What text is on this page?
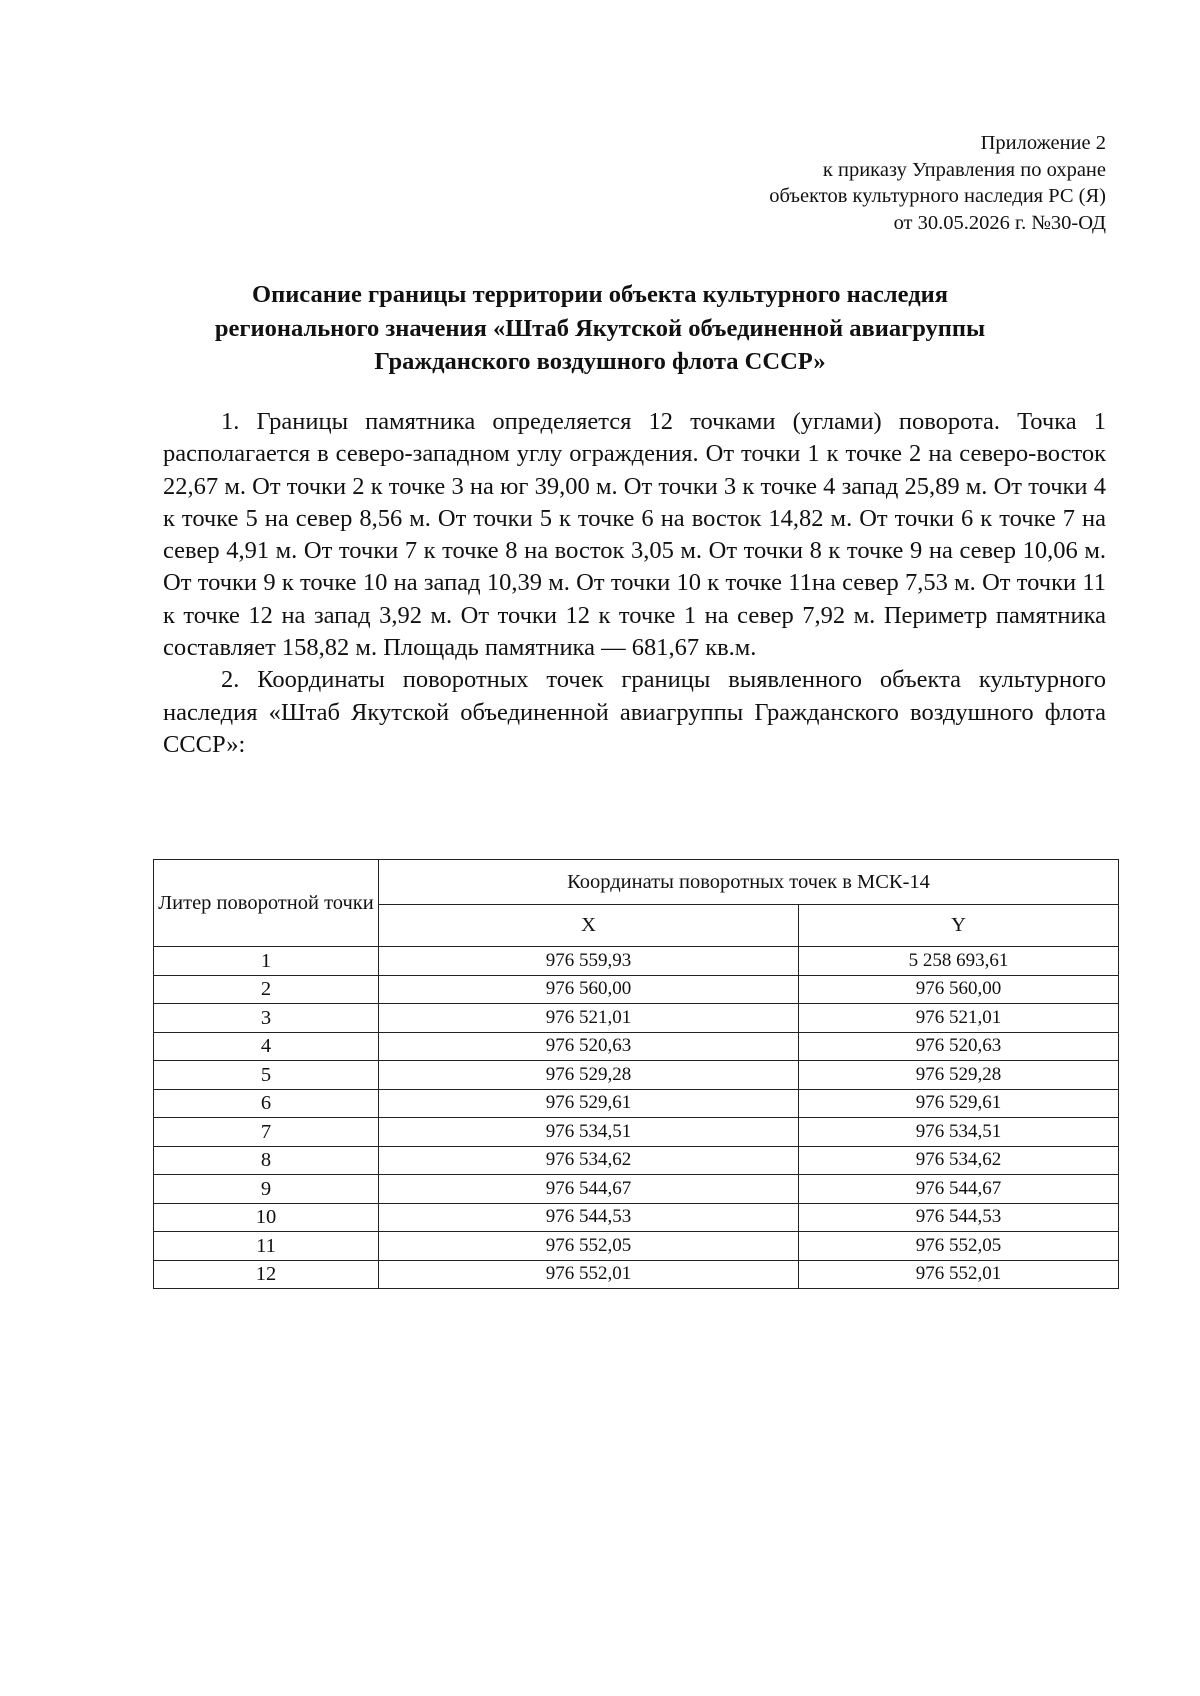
Приложение 2
к приказу Управления по охране
объектов культурного наследия РС (Я)
от 30.05.2026 г. №30-ОД
Описание границы территории объекта культурного наследия
регионального значения «Штаб Якутской объединенной авиагруппы
Гражданского воздушного флота СССР»

1. Границы памятника определяется 12 точками (углами) поворота. Точка 1 располагается в северо-западном углу ограждения. От точки 1 к точке 2 на северо-восток 22,67 м. От точки 2 к точке 3 на юг 39,00 м. От точки 3 к точке 4 запад 25,89 м. От точки 4 к точке 5 на север 8,56 м. От точки 5 к точке 6 на восток 14,82 м. От точки 6 к точке 7 на север 4,91 м. От точки 7 к точке 8 на восток 3,05 м. От точки 8 к точке 9 на север 10,06 м. От точки 9 к точке 10 на запад 10,39 м. От точки 10 к точке 11на север 7,53 м. От точки 11 к точке 12 на запад 3,92 м. От точки 12 к точке 1 на север 7,92 м. Периметр памятника составляет 158,82 м. Площадь памятника — 681,67 кв.м.

2. Координаты поворотных точек границы выявленного объекта культурного наследия «Штаб Якутской объединенной авиагруппы Гражданского воздушного флота СССР»:

Литер поворотной точки	Координаты поворотных точек в МСК-14	
	X	Y
1	976 559,93	5 258 693,61
2	976 560,00	976 560,00
3	976 521,01	976 521,01
4	976 520,63	976 520,63
5	976 529,28	976 529,28
6	976 529,61	976 529,61
7	976 534,51	976 534,51
8	976 534,62	976 534,62
9	976 544,67	976 544,67
10	976 544,53	976 544,53
11	976 552,05	976 552,05
12	976 552,01	976 552,01
